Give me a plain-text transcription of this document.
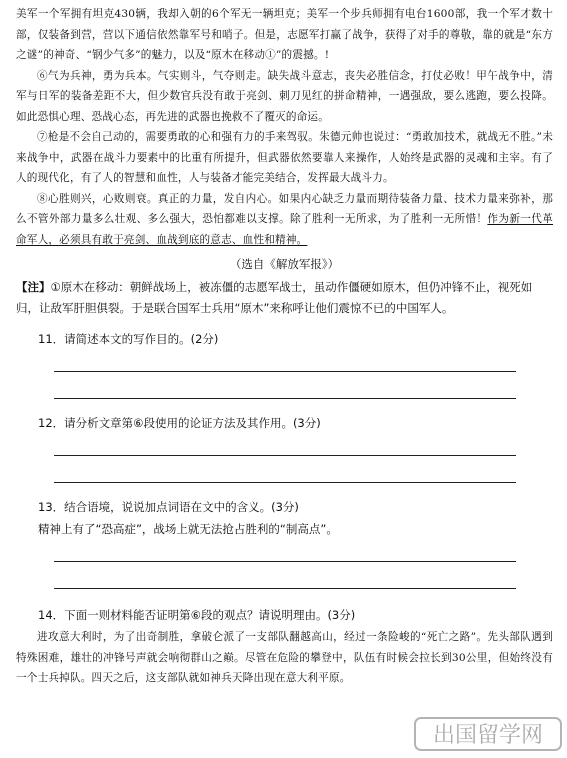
美军一个军拥有坦克430辆，我却入朝的6个军无一辆坦克；美军一个步兵师拥有电台1600部，我一个军才数十部，仅装备到营，营以下通信依然靠军号和哨子。但是，志愿军打赢了战争，获得了对手的尊敬，靠的就是“东方之谜”的神奇、“钢少气多”的魅力，以及“原木在移动①”的震撼。!

⑥气为兵神，勇为兵本。气实则斗，气夺则走。缺失战斗意志，丧失必胜信念，打仗必败！甲午战争中，清军与日军的装备差距不大，但少数官兵没有敢于亮剑、刺刀见红的拼命精神，一遇强敌，要么逃跑，要么投降。如此恐惧心理、恐战心态，再先进的武器也挽救不了覆灭的命运。

⑦枪是不会自己动的，需要勇敢的心和强有力的手来驾驭。朱德元帅也说过：“勇敢加技术，就战无不胜。”未来战争中，武器在战斗力要素中的比重有所提升，但武器依然要靠人来操作，人始终是武器的灵魂和主宰。有了人的现代化，有了人的智慧和血性，人与装备才能完美结合，发挥最大战斗力。

⑧心胜则兴，心败则衰。真正的力量，发自内心。如果内心缺乏力量而期待装备力量、技术力量来弥补，那么不管外部力量多么壮观、多么强大，恐怕都难以支撑。除了胜利一无所求，为了胜利一无所惜！作为新一代革命军人，必须具有敢于亮剑、血战到底的意志、血性和精神。

（选自《解放军报》）

【注】①原木在移动：朝鲜战场上，被冻僵的志愿军战士，虽动作僵硬如原木，但仍冲锋不止，视死如归，让敌军肝胆俱裂。于是联合国军士兵用“原木”来称呼让他们震惊不已的中国军人。

11．请简述本文的写作目的。(2分)
12．请分析文章第⑥段使用的论证方法及其作用。(3分)
13．结合语境，说说加点词语在文中的含义。(3分)
精神上有了“恐高症”，战场上就无法抢占胜利的“制高点”。
14．下面一则材料能否证明第⑥段的观点？请说明理由。(3分)

进攻意大利时，为了出奇制胜，拿破仑派了一支部队翻越高山，经过一条险峻的“死亡之路”。先头部队遇到特殊困难，雄壮的冲锋号声就会响彻群山之巅。尽管在危险的攀登中，队伍有时候会拉长到30公里，但始终没有一个士兵掉队。四天之后，这支部队就如神兵天降出现在意大利平原。

出国留学网
